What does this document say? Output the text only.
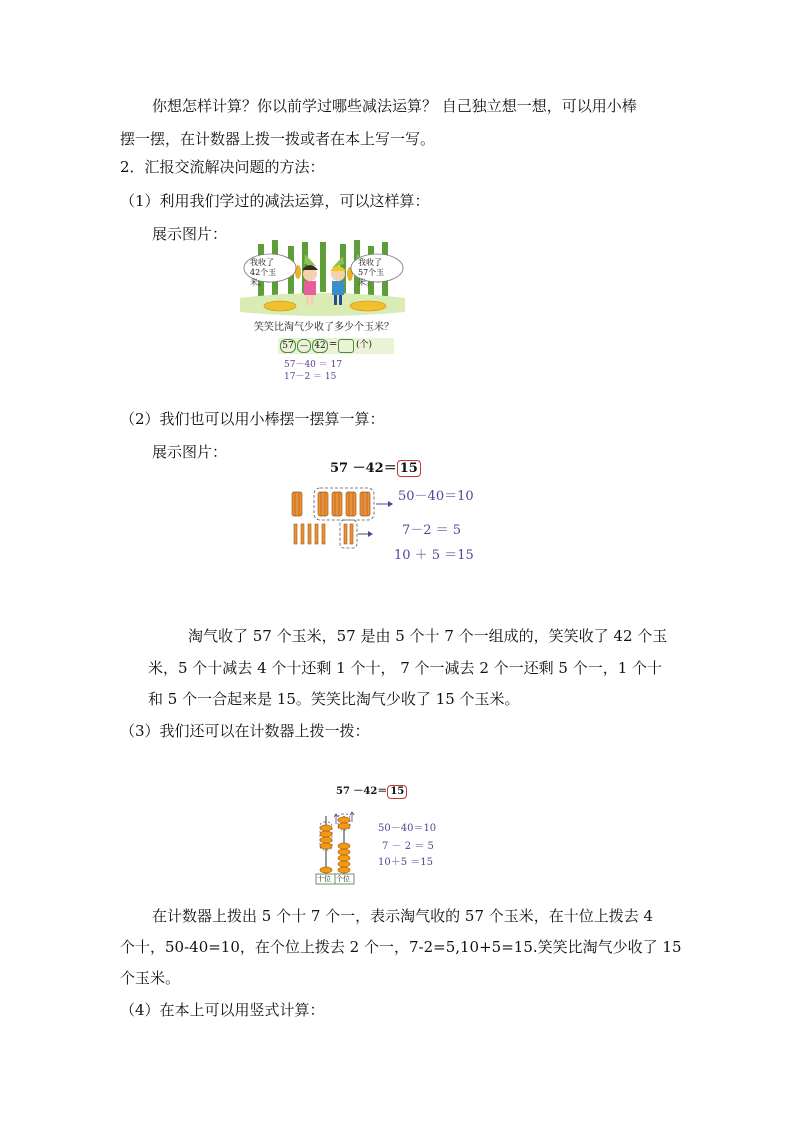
你想怎样计算？你以前学过哪些减法运算？ 自己独立想一想，可以用小棒
摆一摆，在计数器上拨一拨或者在本上写一写。
2．汇报交流解决问题的方法：
（1）利用我们学过的减法运算，可以这样算：
展示图片：
我收了42个玉米。
我收了57个玉米。
笑笑比淘气少收了多少个玉米？
57 — 42 = (个)
57－40 ＝ 17
17－2 ＝ 15
（2）我们也可以用小棒摆一摆算一算：
展示图片：
57 －42＝ 15
50－40＝10
7－2 ＝ 5
10 ＋ 5 ＝15
淘气收了 57 个玉米，57 是由 5 个十 7 个一组成的，笑笑收了 42 个玉
米，5 个十减去 4 个十还剩 1 个十， 7 个一减去 2 个一还剩 5 个一，1 个十
和 5 个一合起来是 15。笑笑比淘气少收了 15 个玉米。
（3）我们还可以在计数器上拨一拨：
57 －42＝ 15
十位 个位
50－40＝10
7 － 2 ＝ 5
10＋5 ＝15
在计数器上拨出 5 个十 7 个一，表示淘气收的 57 个玉米，在十位上拨去 4
个十，50-40=10，在个位上拨去 2 个一，7-2=5,10+5=15.笑笑比淘气少收了 15
个玉米。
（4）在本上可以用竖式计算：
